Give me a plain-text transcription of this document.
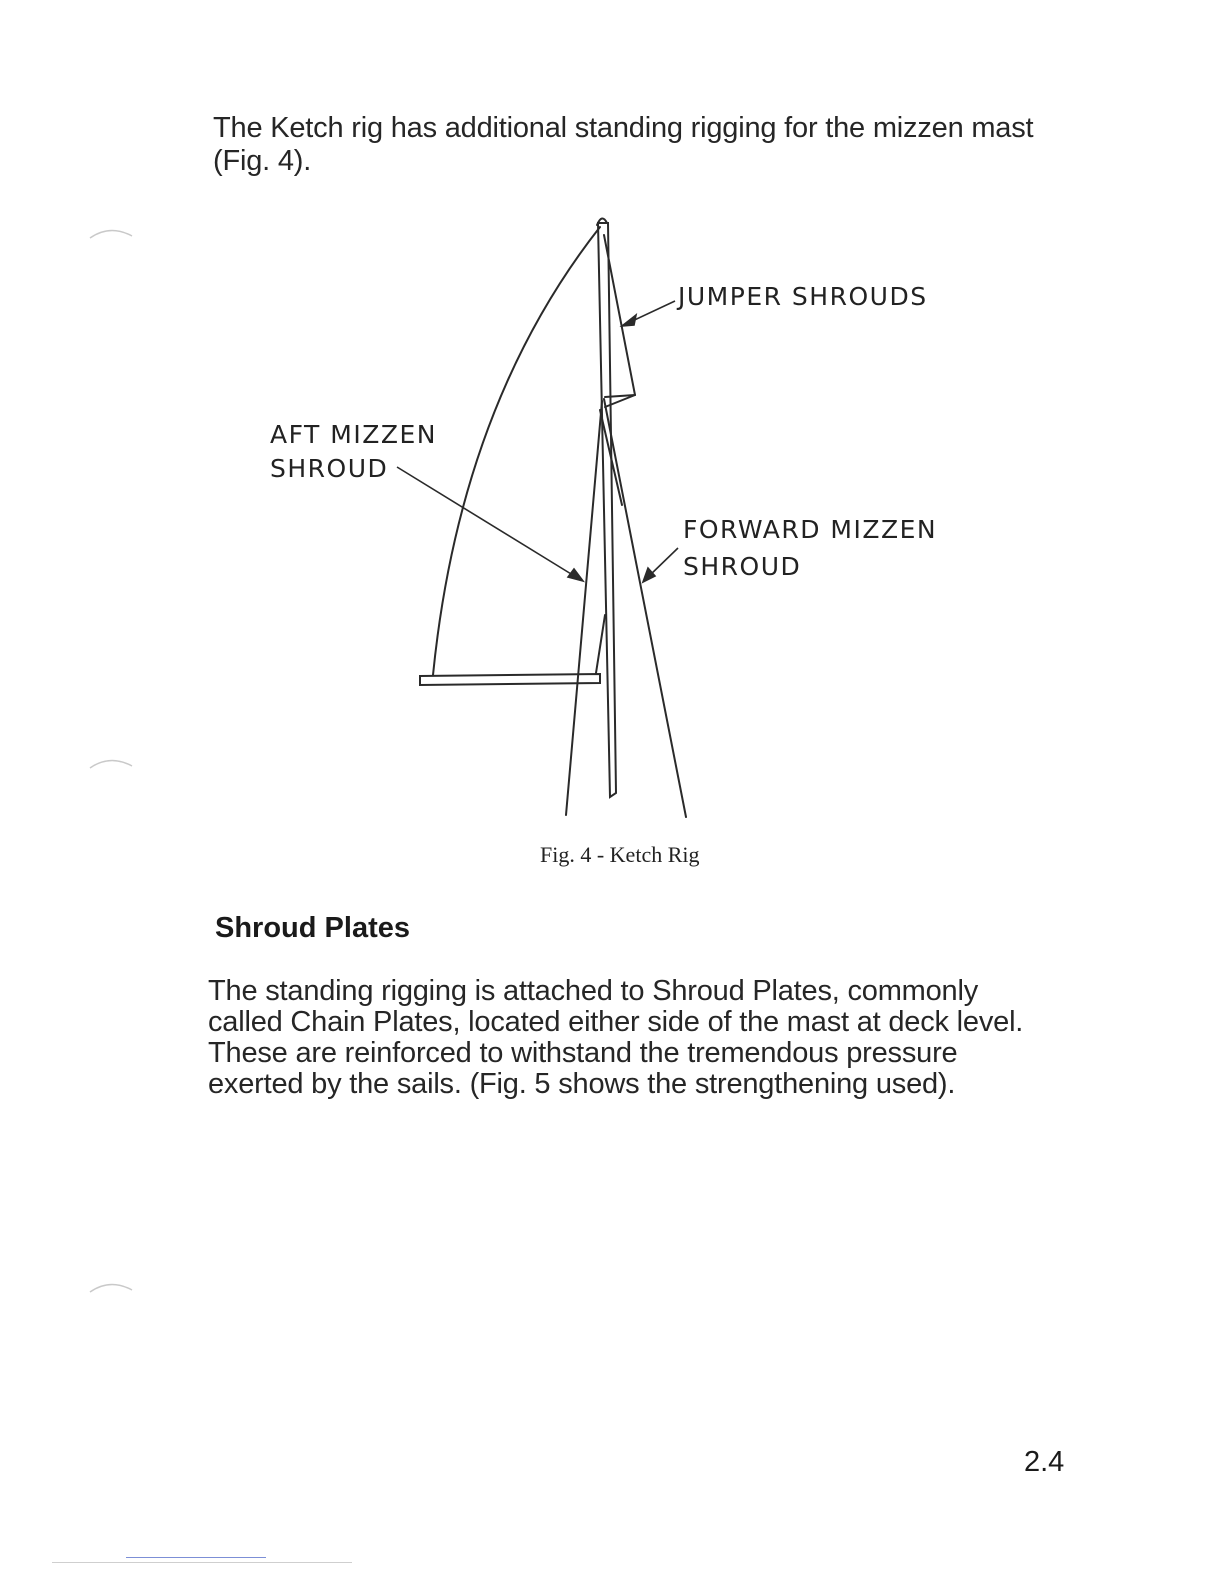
The Ketch rig has additional standing rigging for the mizzen mast (Fig. 4).

JUMPER SHROUDS
AFT MIZZEN
SHROUD
FORWARD MIZZEN
SHROUD
Fig. 4 - Ketch Rig
Shroud Plates

The standing rigging is attached to Shroud Plates, commonly called Chain Plates, located either side of the mast at deck level. These are reinforced to withstand the tremendous pressure exerted by the sails. (Fig. 5 shows the strengthening used).

2.4
